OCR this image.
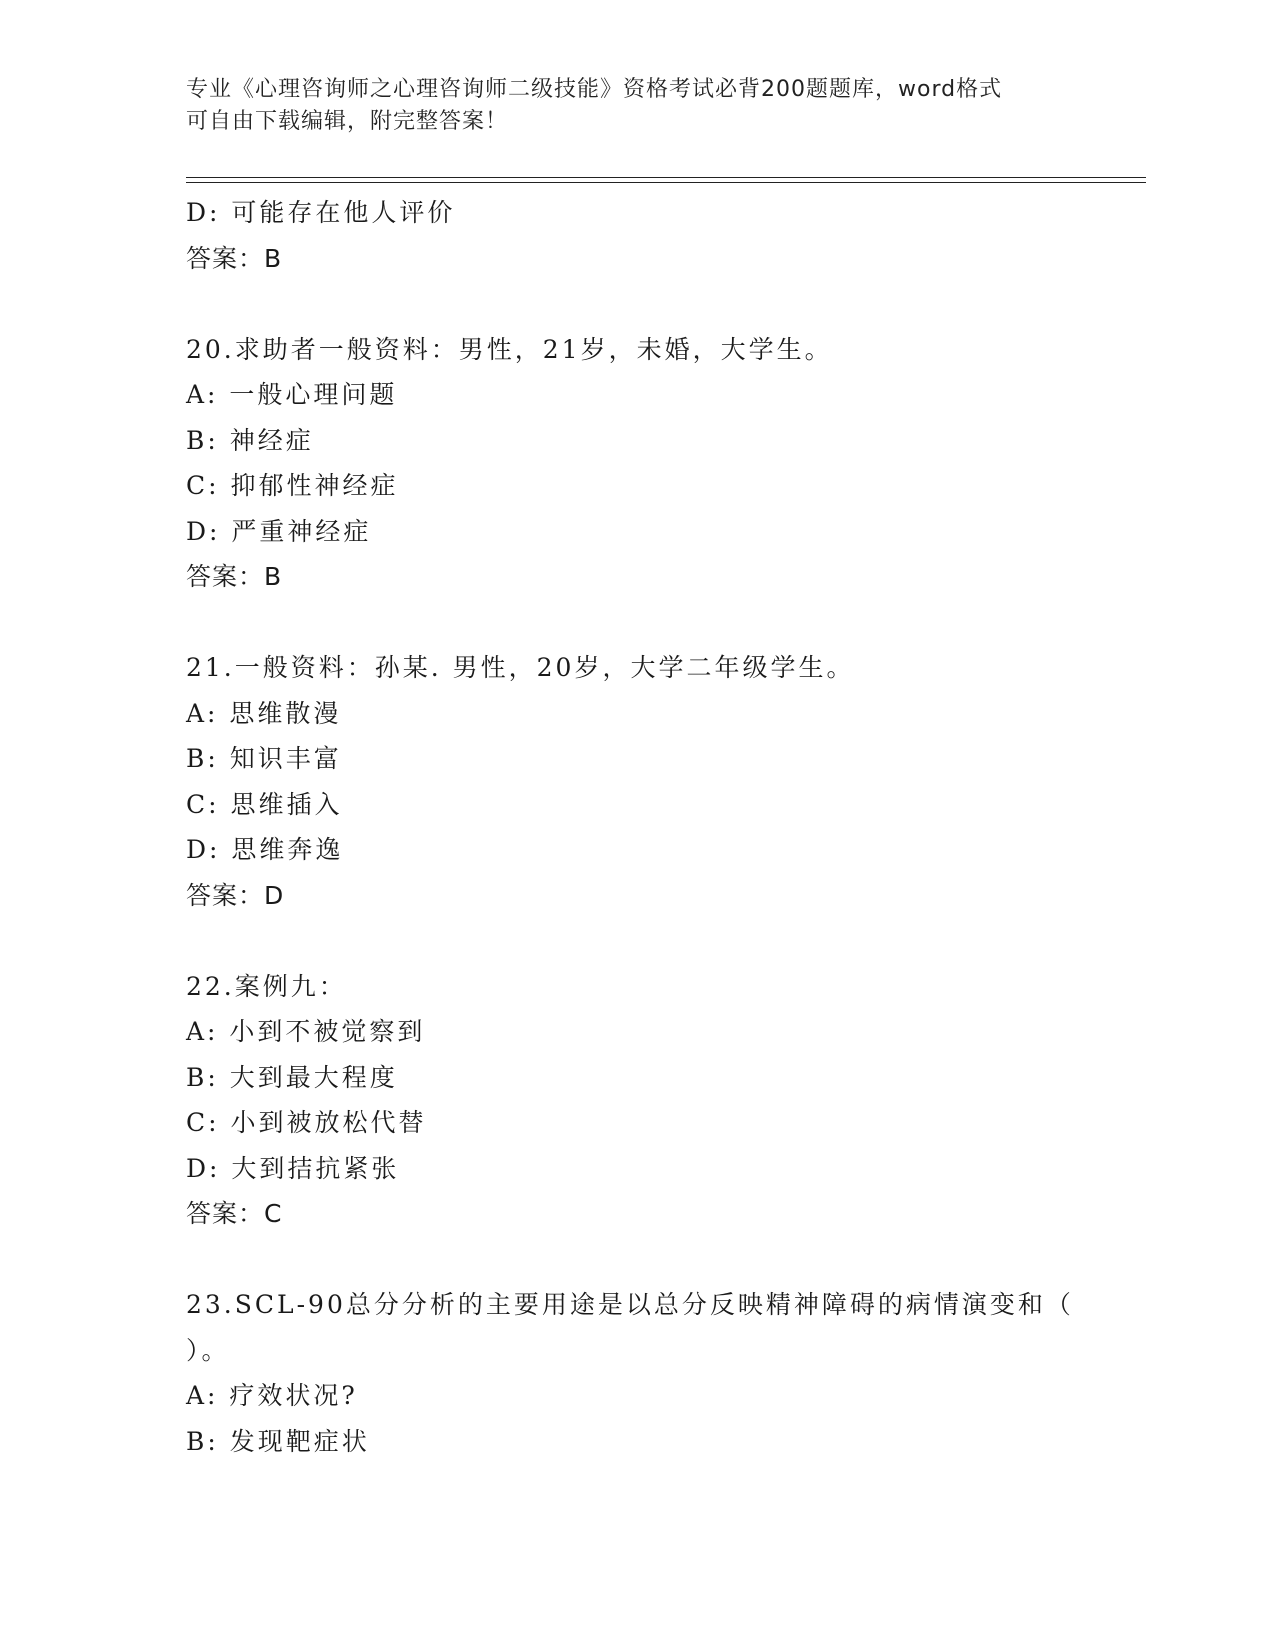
专业《心理咨询师之心理咨询师二级技能》资格考试必背200题题库，word格式
可自由下载编辑，附完整答案！
D: 可能存在他人评价
答案：B
20.求助者一般资料：男性，21岁，未婚，大学生。
A: 一般心理问题
B: 神经症
C: 抑郁性神经症
D: 严重神经症
答案：B
21.一般资料：孙某. 男性，20岁，大学二年级学生。
A: 思维散漫
B: 知识丰富
C: 思维插入
D: 思维奔逸
答案：D
22.案例九：
A: 小到不被觉察到
B: 大到最大程度
C: 小到被放松代替
D: 大到拮抗紧张
答案：C
23.SCL-90总分分析的主要用途是以总分反映精神障碍的病情演变和（
）。
A: 疗效状况?
B: 发现靶症状
